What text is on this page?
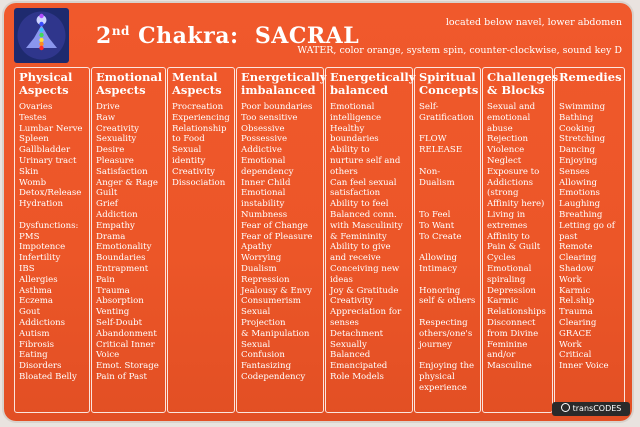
2nd Chakra:  SACRAL
located below navel, lower abdomen
WATER, color orange, system spin, counter-clockwise, sound key D
Physical
Aspects
Ovaries
Testes
Lumbar Nerve
Spleen
Gallbladder
Urinary tract
Skin
Womb
Detox/Release
Hydration
Dysfunctions:
PMS
Impotence
Infertility
IBS
Allergies
Asthma
Eczema
Gout
Addictions
Autism
Fibrosis
Eating
Disorders
Bloated Belly
Emotional
Aspects
Drive
Raw
Creativity
Sexuality
Desire
Pleasure
Satisfaction
Anger & Rage
Guilt
Grief
Addiction
Empathy
Drama
Emotionality
Boundaries
Entrapment
Pain
Trauma
Absorption
Venting
Self-Doubt
Abandonment
Critical Inner
Voice
Emot. Storage
Pain of Past
Mental
Aspects
Procreation
Experiencing
Relationship
to Food
Sexual
identity
Creativity
Dissociation
Energetically
imbalanced
Poor boundaries
Too sensitive
Obsessive
Possessive
Addictive
Emotional
dependency
Inner Child
Emotional
instability
Numbness
Fear of Change
Fear of Pleasure
Apathy
Worrying
Dualism
Repression
Jealousy & Envy
Consumerism
Sexual
Projection
& Manipulation
Sexual
Confusion
Fantasizing
Codependency
Energetically
balanced
Emotional
intelligence
Healthy
boundaries
Ability to
nurture self and
others
Can feel sexual
satisfaction
Ability to feel
Balanced conn.
with Masculinity
& Femininity
Ability to give
and receive
Conceiving new
ideas
Joy & Gratitude
Creativity
Appreciation for
senses
Detachment
Sexually
Balanced
Emancipated
Role Models
Spiritual
Concepts
Self-
Gratification
FLOW
RELEASE
Non-
Dualism
To Feel
To Want
To Create
Allowing
Intimacy
Honoring
self & others
Respecting
others/one's
journey
Enjoying the
physical
experience
Challenges
& Blocks
Sexual and
emotional
abuse
Rejection
Violence
Neglect
Exposure to
Addictions
(strong
Affinity here)
Living in
extremes
Affinity to
Pain & Guilt
Cycles
Emotional
spiraling
Depression
Karmic
Relationships
Disconnect
from Divine
Feminine
and/or
Masculine
Remedies
Swimming
Bathing
Cooking
Stretching
Dancing
Enjoying
Senses
Allowing
Emotions
Laughing
Breathing
Letting go of
past
Remote
Clearing
Shadow
Work
Karmic
Rel.ship
Trauma
Clearing
GRACE
Work
Critical
Inner Voice
transCODES
